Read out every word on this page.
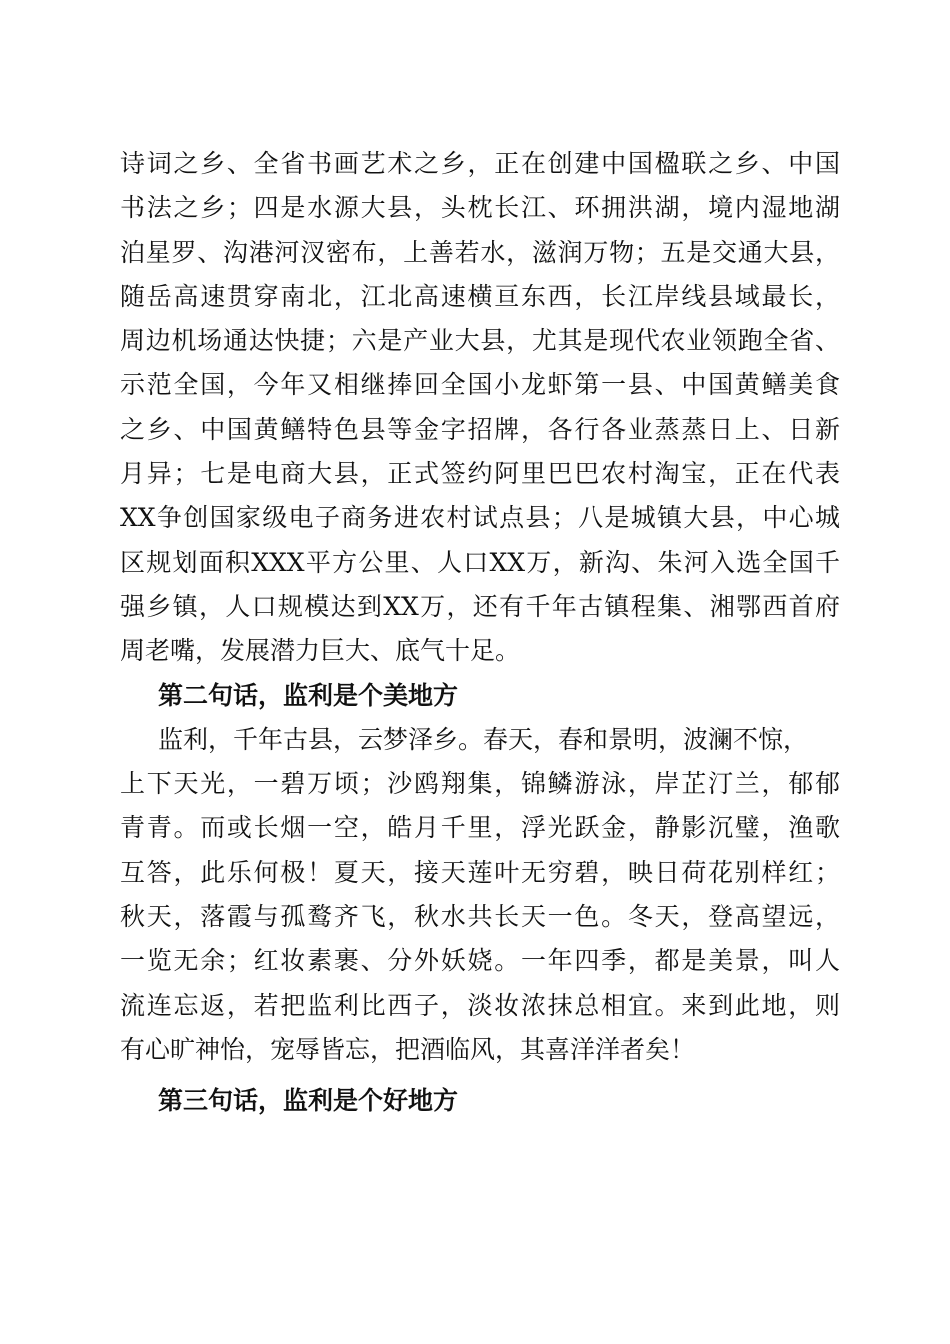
诗词之乡、全省书画艺术之乡，正在创建中国楹联之乡、中国
书法之乡；四是水源大县，头枕长江、环拥洪湖，境内湿地湖
泊星罗、沟港河汊密布，上善若水，滋润万物；五是交通大县，
随岳高速贯穿南北，江北高速横亘东西，长江岸线县域最长，
周边机场通达快捷；六是产业大县，尤其是现代农业领跑全省、
示范全国，今年又相继捧回全国小龙虾第一县、中国黄鳝美食
之乡、中国黄鳝特色县等金字招牌，各行各业蒸蒸日上、日新
月异；七是电商大县，正式签约阿里巴巴农村淘宝，正在代表
XX争创国家级电子商务进农村试点县；八是城镇大县，中心城
区规划面积XXX平方公里、人口XX万，新沟、朱河入选全国千
强乡镇，人口规模达到XX万，还有千年古镇程集、湘鄂西首府
周老嘴，发展潜力巨大、底气十足。
第二句话，监利是个美地方
监利，千年古县，云梦泽乡。春天，春和景明，波澜不惊，
上下天光，一碧万顷；沙鸥翔集，锦鳞游泳，岸芷汀兰，郁郁
青青。而或长烟一空，皓月千里，浮光跃金，静影沉璧，渔歌
互答，此乐何极！夏天，接天莲叶无穷碧，映日荷花别样红；
秋天，落霞与孤鹜齐飞，秋水共长天一色。冬天，登高望远，
一览无余；红妆素裹、分外妖娆。一年四季，都是美景，叫人
流连忘返，若把监利比西子，淡妆浓抹总相宜。来到此地，则
有心旷神怡，宠辱皆忘，把酒临风，其喜洋洋者矣！
第三句话，监利是个好地方
